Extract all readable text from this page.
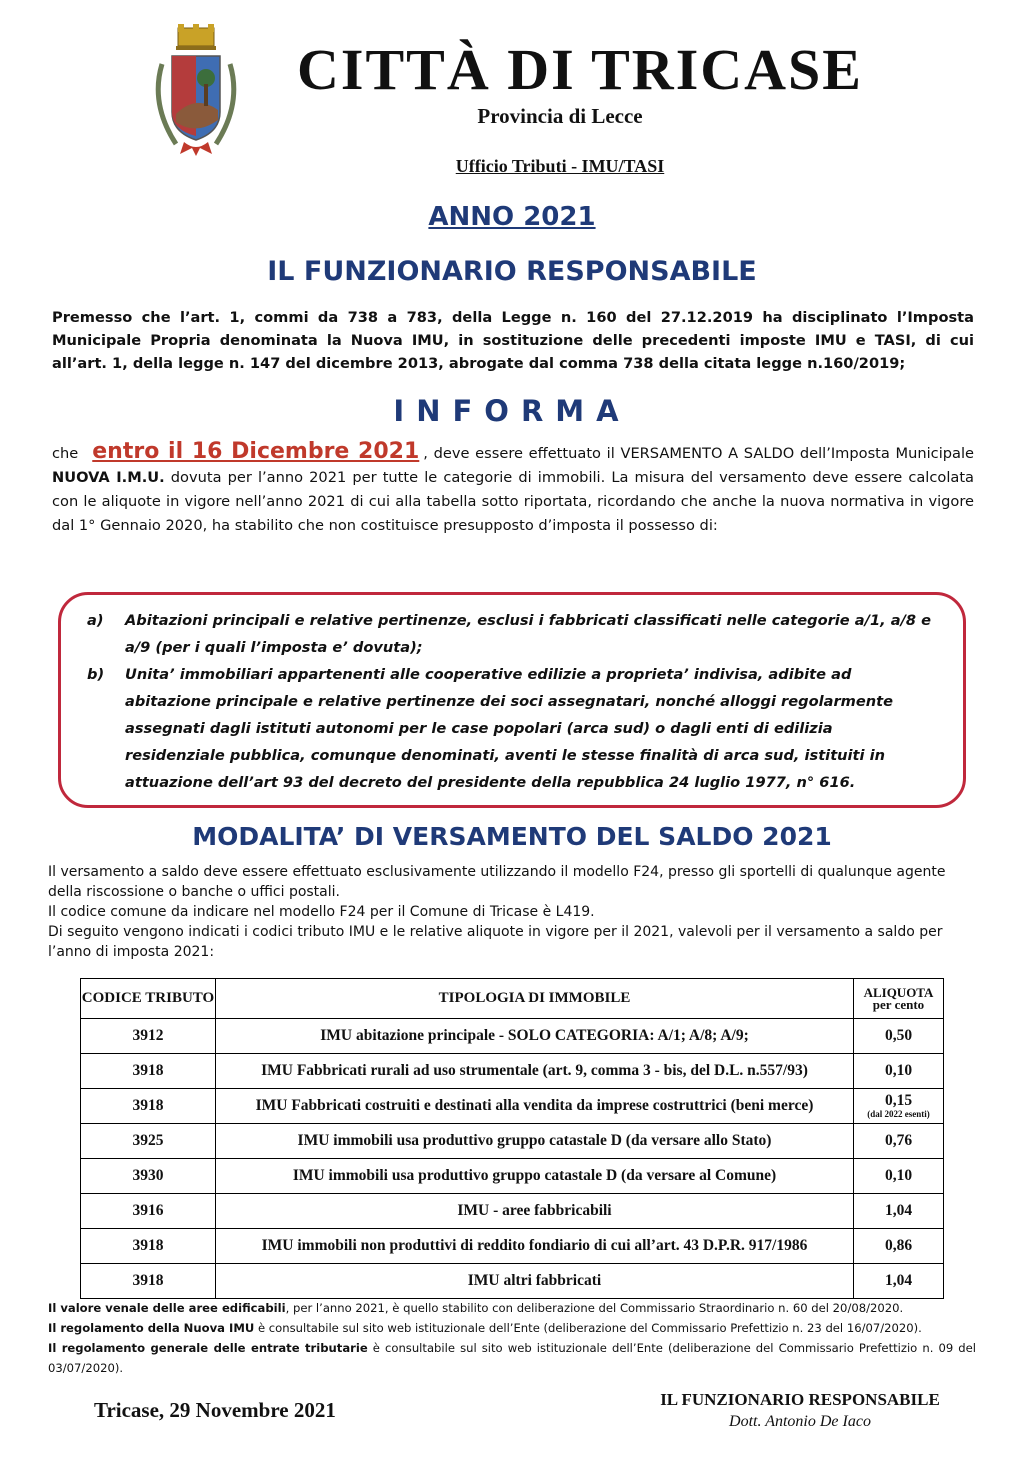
CITTÀ DI TRICASE
Provincia di Lecce
Ufficio Tributi - IMU/TASI
ANNO 2021
IL FUNZIONARIO RESPONSABILE
Premesso che l’art. 1, commi da 738 a 783, della Legge n. 160 del 27.12.2019 ha disciplinato l’Imposta Municipale Propria denominata la Nuova IMU, in sostituzione delle precedenti imposte IMU e TASI, di cui all’art. 1, della legge n. 147 del dicembre 2013, abrogate dal comma 738 della citata legge n.160/2019;
INFORMA
che entro il 16 Dicembre 2021 , deve essere effettuato il VERSAMENTO A SALDO dell’Imposta Municipale NUOVA I.M.U. dovuta per l’anno 2021 per tutte le categorie di immobili. La misura del versamento deve essere calcolata con le aliquote in vigore nell’anno 2021 di cui alla tabella sotto riportata, ricordando che anche la nuova normativa in vigore dal 1° Gennaio 2020, ha stabilito che non costituisce presupposto d’imposta il possesso di:
a)	Abitazioni principali e relative pertinenze, esclusi i fabbricati classificati nelle categorie a/1, a/8 e a/9 (per i quali l’imposta e’ dovuta);
b)	Unita’ immobiliari appartenenti alle cooperative edilizie a proprieta’ indivisa, adibite ad abitazione principale e relative pertinenze dei soci assegnatari, nonché alloggi regolarmente assegnati dagli istituti autonomi per le case popolari (arca sud) o dagli enti di edilizia residenziale pubblica, comunque denominati, aventi le stesse finalità di arca sud, istituiti in attuazione dell’art 93 del decreto del presidente della repubblica 24 luglio 1977, n° 616.
MODALITA’ DI VERSAMENTO DEL SALDO 2021
Il versamento a saldo deve essere effettuato esclusivamente utilizzando il modello F24, presso gli sportelli di qualunque agente della riscossione o banche o uffici postali.
Il codice comune da indicare nel modello F24 per il Comune di Tricase è L419.
Di seguito vengono indicati i codici tributo IMU e le relative aliquote in vigore per il 2021, valevoli per il versamento a saldo per l’anno di imposta 2021:
CODICE TRIBUTO	TIPOLOGIA DI IMMOBILE	ALIQUOTA
per cento

3912	IMU abitazione principale - SOLO CATEGORIA: A/1; A/8; A/9;	0,50

3918	IMU Fabbricati rurali ad uso strumentale (art. 9, comma 3 - bis, del D.L. n.557/93)	0,10

3918	IMU Fabbricati costruiti e destinati alla vendita da imprese costruttrici (beni merce)	0,15
(dal 2022 esenti)

3925	IMU immobili usa produttivo gruppo catastale D (da versare allo Stato)	0,76

3930	IMU immobili usa produttivo gruppo catastale D (da versare al Comune)	0,10

3916	IMU - aree fabbricabili	1,04

3918	IMU immobili non produttivi di reddito fondiario di cui all’art. 43 D.P.R. 917/1986	0,86

3918	IMU altri fabbricati	1,04
Il valore venale delle aree edificabili, per l’anno 2021, è quello stabilito con deliberazione del Commissario Straordinario n. 60 del 20/08/2020.
Il regolamento della Nuova IMU è consultabile sul sito web istituzionale dell’Ente (deliberazione del Commissario Prefettizio n. 23 del 16/07/2020).
Il regolamento generale delle entrate tributarie è consultabile sul sito web istituzionale dell’Ente (deliberazione del Commissario Prefettizio n. 09 del 03/07/2020).
Tricase, 29 Novembre 2021	IL FUNZIONARIO RESPONSABILE
Dott. Antonio De Iaco
